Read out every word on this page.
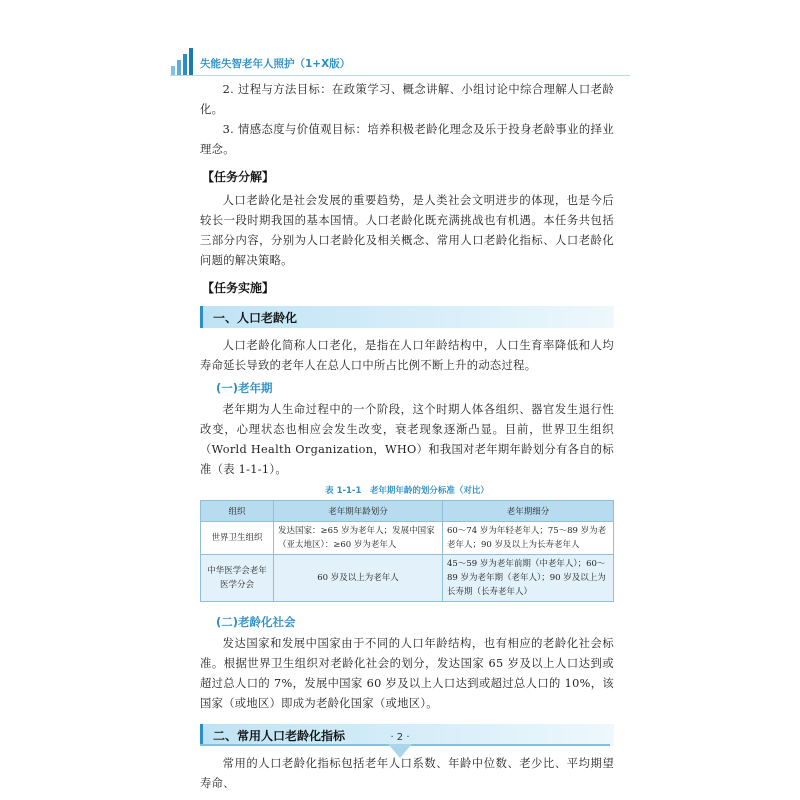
失能失智老年人照护（1+X版）

2. 过程与方法目标：在政策学习、概念讲解、小组讨论中综合理解人口老龄化。

3. 情感态度与价值观目标：培养积极老龄化理念及乐于投身老龄事业的择业理念。

【任务分解】

人口老龄化是社会发展的重要趋势，是人类社会文明进步的体现，也是今后较长一段时期我国的基本国情。人口老龄化既充满挑战也有机遇。本任务共包括三部分内容，分别为人口老龄化及相关概念、常用人口老龄化指标、人口老龄化问题的解决策略。

【任务实施】
一、人口老龄化

人口老龄化简称人口老化，是指在人口年龄结构中，人口生育率降低和人均寿命延长导致的老年人在总人口中所占比例不断上升的动态过程。

(一)老年期

老年期为人生命过程中的一个阶段，这个时期人体各组织、器官发生退行性改变，心理状态也相应会发生改变，衰老现象逐渐凸显。目前，世界卫生组织（World Health Organization，WHO）和我国对老年期年龄划分有各自的标准（表 1-1-1）。

表 1-1-1　老年期年龄的划分标准（对比）
组织	老年期年龄划分	老年期细分
世界卫生组织	发达国家：≥65 岁为老年人；发展中国家（亚太地区）：≥60 岁为老年人	60～74 岁为年轻老年人；75～89 岁为老老年人；90 岁及以上为长寿老年人
中华医学会老年医学分会	60 岁及以上为老年人	45～59 岁为老年前期（中老年人）；60～89 岁为老年期（老年人）；90 岁及以上为长寿期（长寿老年人）
(二)老龄化社会

发达国家和发展中国家由于不同的人口年龄结构，也有相应的老龄化社会标准。根据世界卫生组织对老龄化社会的划分，发达国家 65 岁及以上人口达到或超过总人口的 7%，发展中国家 60 岁及以上人口达到或超过总人口的 10%，该国家（或地区）即成为老龄化国家（或地区）。

二、常用人口老龄化指标

常用的人口老龄化指标包括老年人口系数、年龄中位数、老少比、平均期望寿命、

· 2 ·
